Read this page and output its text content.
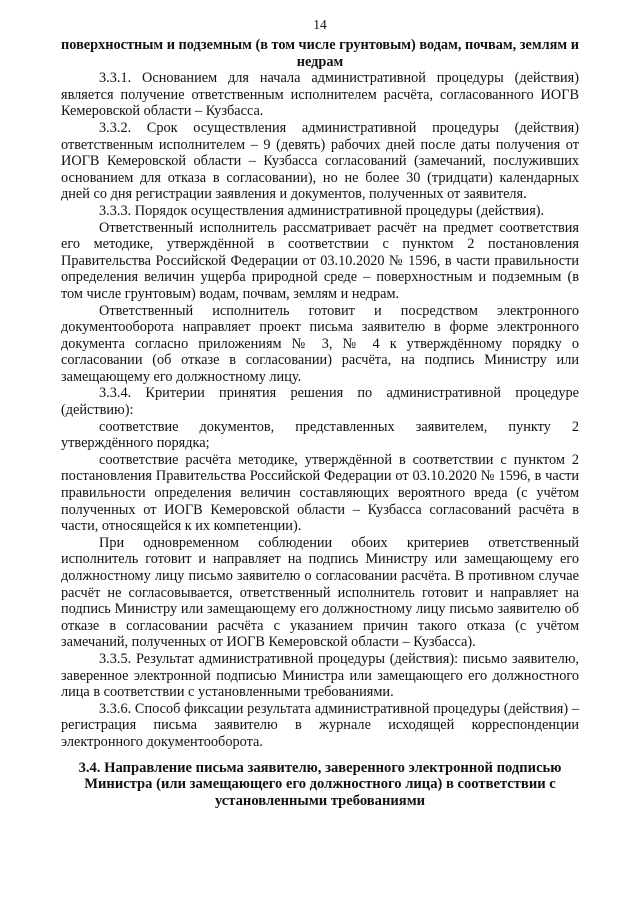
14

поверхностным и подземным (в том числе грунтовым) водам, почвам, землям и недрам

3.3.1. Основанием для начала административной процедуры (действия) является получение ответственным исполнителем расчёта, согласованного ИОГВ Кемеровской области – Кузбасса.

3.3.2. Срок осуществления административной процедуры (действия) ответственным исполнителем – 9 (девять) рабочих дней после даты получения от ИОГВ Кемеровской области – Кузбасса согласований (замечаний, послуживших основанием для отказа в согласовании), но не более 30 (тридцати) календарных дней со дня регистрации заявления и документов, полученных от заявителя.

3.3.3. Порядок осуществления административной процедуры (действия).

Ответственный исполнитель рассматривает расчёт на предмет соответствия его методике, утверждённой в соответствии с пунктом 2 постановления Правительства Российской Федерации от 03.10.2020 № 1596, в части правильности определения величин ущерба природной среде – поверхностным и подземным (в том числе грунтовым) водам, почвам, землям и недрам.

Ответственный исполнитель готовит и посредством электронного документооборота направляет проект письма заявителю в форме электронного документа согласно приложениям № 3, № 4 к утверждённому порядку о согласовании (об отказе в согласовании) расчёта, на подпись Министру или замещающему его должностному лицу.

3.3.4. Критерии принятия решения по административной процедуре (действию):

соответствие документов, представленных заявителем, пункту 2 утверждённого порядка;

соответствие расчёта методике, утверждённой в соответствии с пунктом 2 постановления Правительства Российской Федерации от 03.10.2020 № 1596, в части правильности определения величин составляющих вероятного вреда (с учётом полученных от ИОГВ Кемеровской области – Кузбасса согласований расчёта в части, относящейся к их компетенции).

При одновременном соблюдении обоих критериев ответственный исполнитель готовит и направляет на подпись Министру или замещающему его должностному лицу письмо заявителю о согласовании расчёта. В противном случае расчёт не согласовывается, ответственный исполнитель готовит и направляет на подпись Министру или замещающему его должностному лицу письмо заявителю об отказе в согласовании расчёта с указанием причин такого отказа (с учётом замечаний, полученных от ИОГВ Кемеровской области – Кузбасса).

3.3.5. Результат административной процедуры (действия): письмо заявителю, заверенное электронной подписью Министра или замещающего его должностного лица в соответствии с установленными требованиями.

3.3.6. Способ фиксации результата административной процедуры (действия) – регистрация письма заявителю в журнале исходящей корреспонденции электронного документооборота.

3.4. Направление письма заявителю, заверенного электронной подписью Министра (или замещающего его должностного лица) в соответствии с установленными требованиями
